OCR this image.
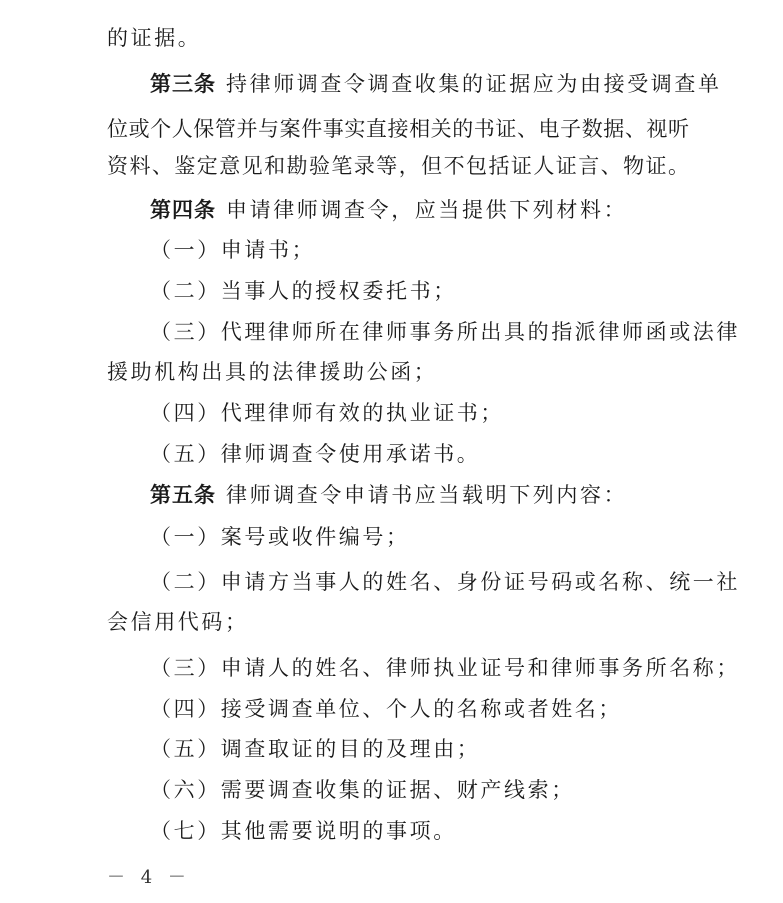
的证据。
第三条 持律师调查令调查收集的证据应为由接受调查单
位或个人保管并与案件事实直接相关的书证、电子数据、视听
资料、鉴定意见和勘验笔录等，但不包括证人证言、物证。
第四条 申请律师调查令，应当提供下列材料：
（一）申请书；
（二）当事人的授权委托书；
（三）代理律师所在律师事务所出具的指派律师函或法律
援助机构出具的法律援助公函；
（四）代理律师有效的执业证书；
（五）律师调查令使用承诺书。
第五条 律师调查令申请书应当载明下列内容：
（一）案号或收件编号；
（二）申请方当事人的姓名、身份证号码或名称、统一社
会信用代码；
（三）申请人的姓名、律师执业证号和律师事务所名称；
（四）接受调查单位、个人的名称或者姓名；
（五）调查取证的目的及理由；
（六）需要调查收集的证据、财产线索；
（七）其他需要说明的事项。
－ 4 －
